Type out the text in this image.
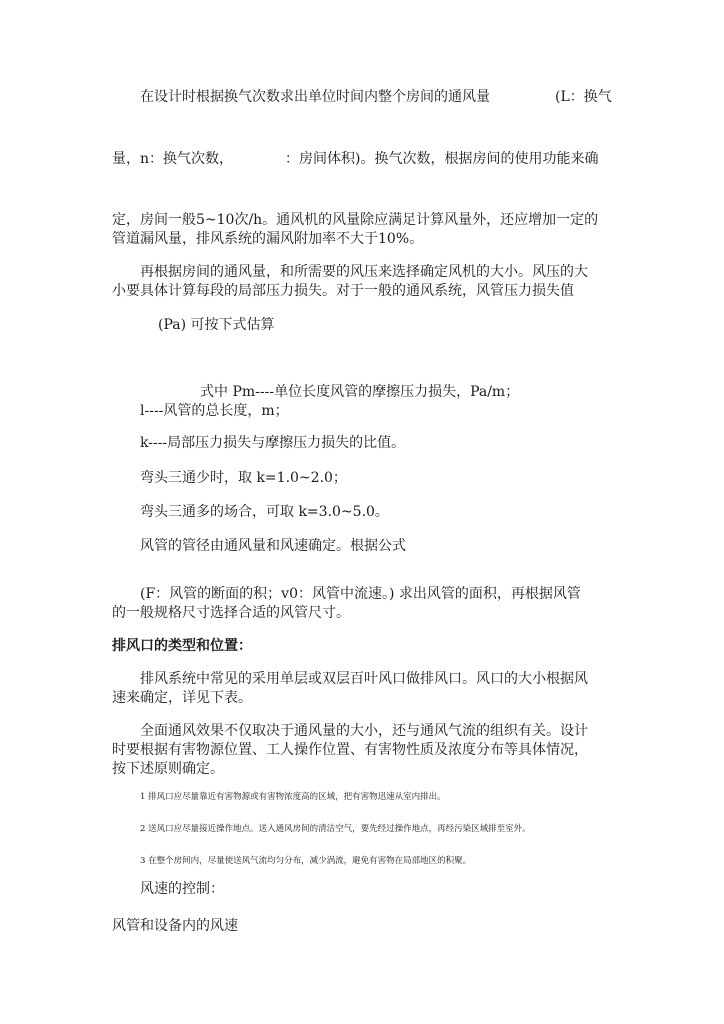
在设计时根据换气次数求出单位时间内整个房间的通风量	(L：换气
量，n：换气次数，	：房间体积)。换气次数，根据房间的使用功能来确
定，房间一般5~10次/h。通风机的风量除应满足计算风量外，还应增加一定的
管道漏风量，排风系统的漏风附加率不大于10%。
再根据房间的通风量，和所需要的风压来选择确定风机的大小。风压的大
小要具体计算每段的局部压力损失。对于一般的通风系统，风管压力损失值
(Pa) 可按下式估算
式中 Pm----单位长度风管的摩擦压力损失，Pa/m；
l----风管的总长度，m；
k----局部压力损失与摩擦压力损失的比值。
弯头三通少时，取 k=1.0~2.0；
弯头三通多的场合，可取 k=3.0~5.0。
风管的管径由通风量和风速确定。根据公式
(F：风管的断面的积；v0：风管中流速。) 求出风管的面积，再根据风管
的一般规格尺寸选择合适的风管尺寸。
排风口的类型和位置：
排风系统中常见的采用单层或双层百叶风口做排风口。风口的大小根据风
速来确定，详见下表。
全面通风效果不仅取决于通风量的大小，还与通风气流的组织有关。设计
时要根据有害物源位置、工人操作位置、有害物性质及浓度分布等具体情况，
按下述原则确定。
1 排风口应尽量靠近有害物源或有害物浓度高的区域，把有害物迅速从室内排出。
2 送风口应尽量接近操作地点。送入通风房间的清洁空气，要先经过操作地点，再经污染区域排至室外。
3 在整个房间内，尽量使送风气流均匀分布，减少涡流，避免有害物在局部地区的积聚。
风速的控制：
风管和设备内的风速
